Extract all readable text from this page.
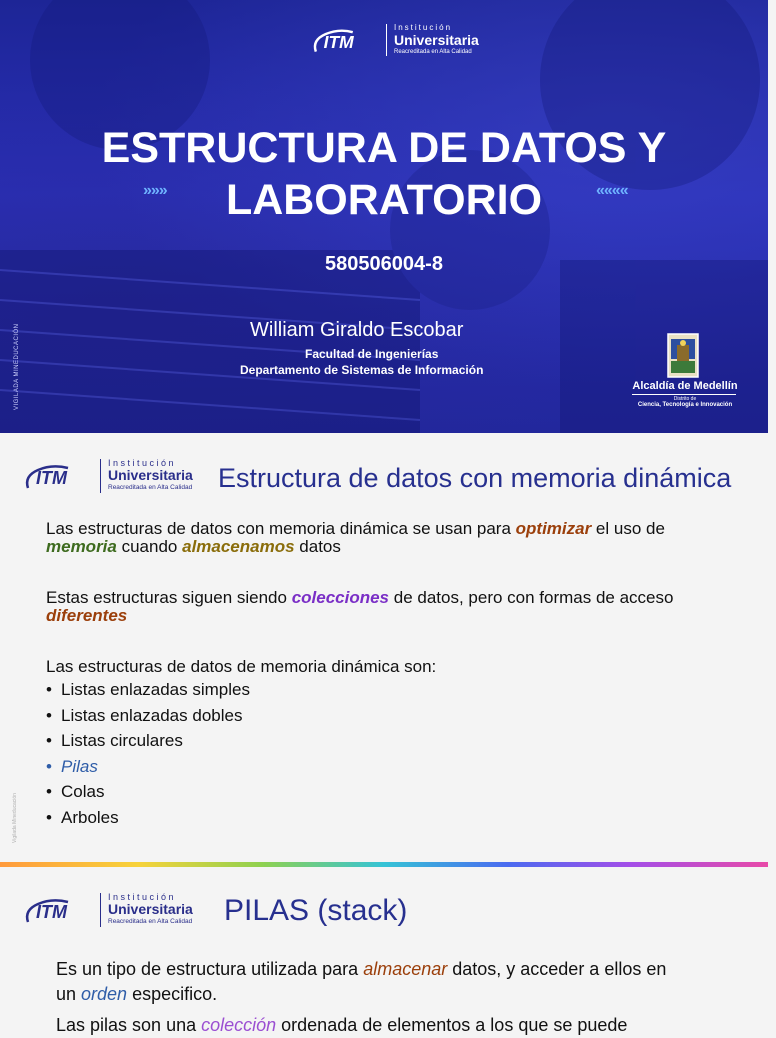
ITM
Institución
Universitaria
Reacreditada en Alta Calidad
ESTRUCTURA DE DATOS Y
LABORATORIO
»»»	««««
580506004-8
William Giraldo Escobar
Facultad de Ingenierías
Departamento de Sistemas de Información
VIGILADA MINEDUCACIÓN	Alcaldía de Medellín
Distrito de
Ciencia, Tecnología e Innovación
ITM
Institución
Universitaria
Reacreditada en Alta Calidad Estructura de datos con memoria dinámica

Las estructuras de datos con memoria dinámica se usan para optimizar el uso de
memoria cuando almacenamos datos

Estas estructuras siguen siendo colecciones de datos, pero con formas de acceso
diferentes

Las estructuras de datos de memoria dinámica son:

• Listas enlazadas simples
• Listas enlazadas dobles
• Listas circulares
• Pilas
• Colas
• Arboles
Vigilada Mineducación
ITM
Institución
Universitaria
Reacreditada en Alta Calidad PILAS (stack)

Es un tipo de estructura utilizada para almacenar datos, y acceder a ellos en
un orden especifico.

Las pilas son una colección ordenada de elementos a los que se puede
